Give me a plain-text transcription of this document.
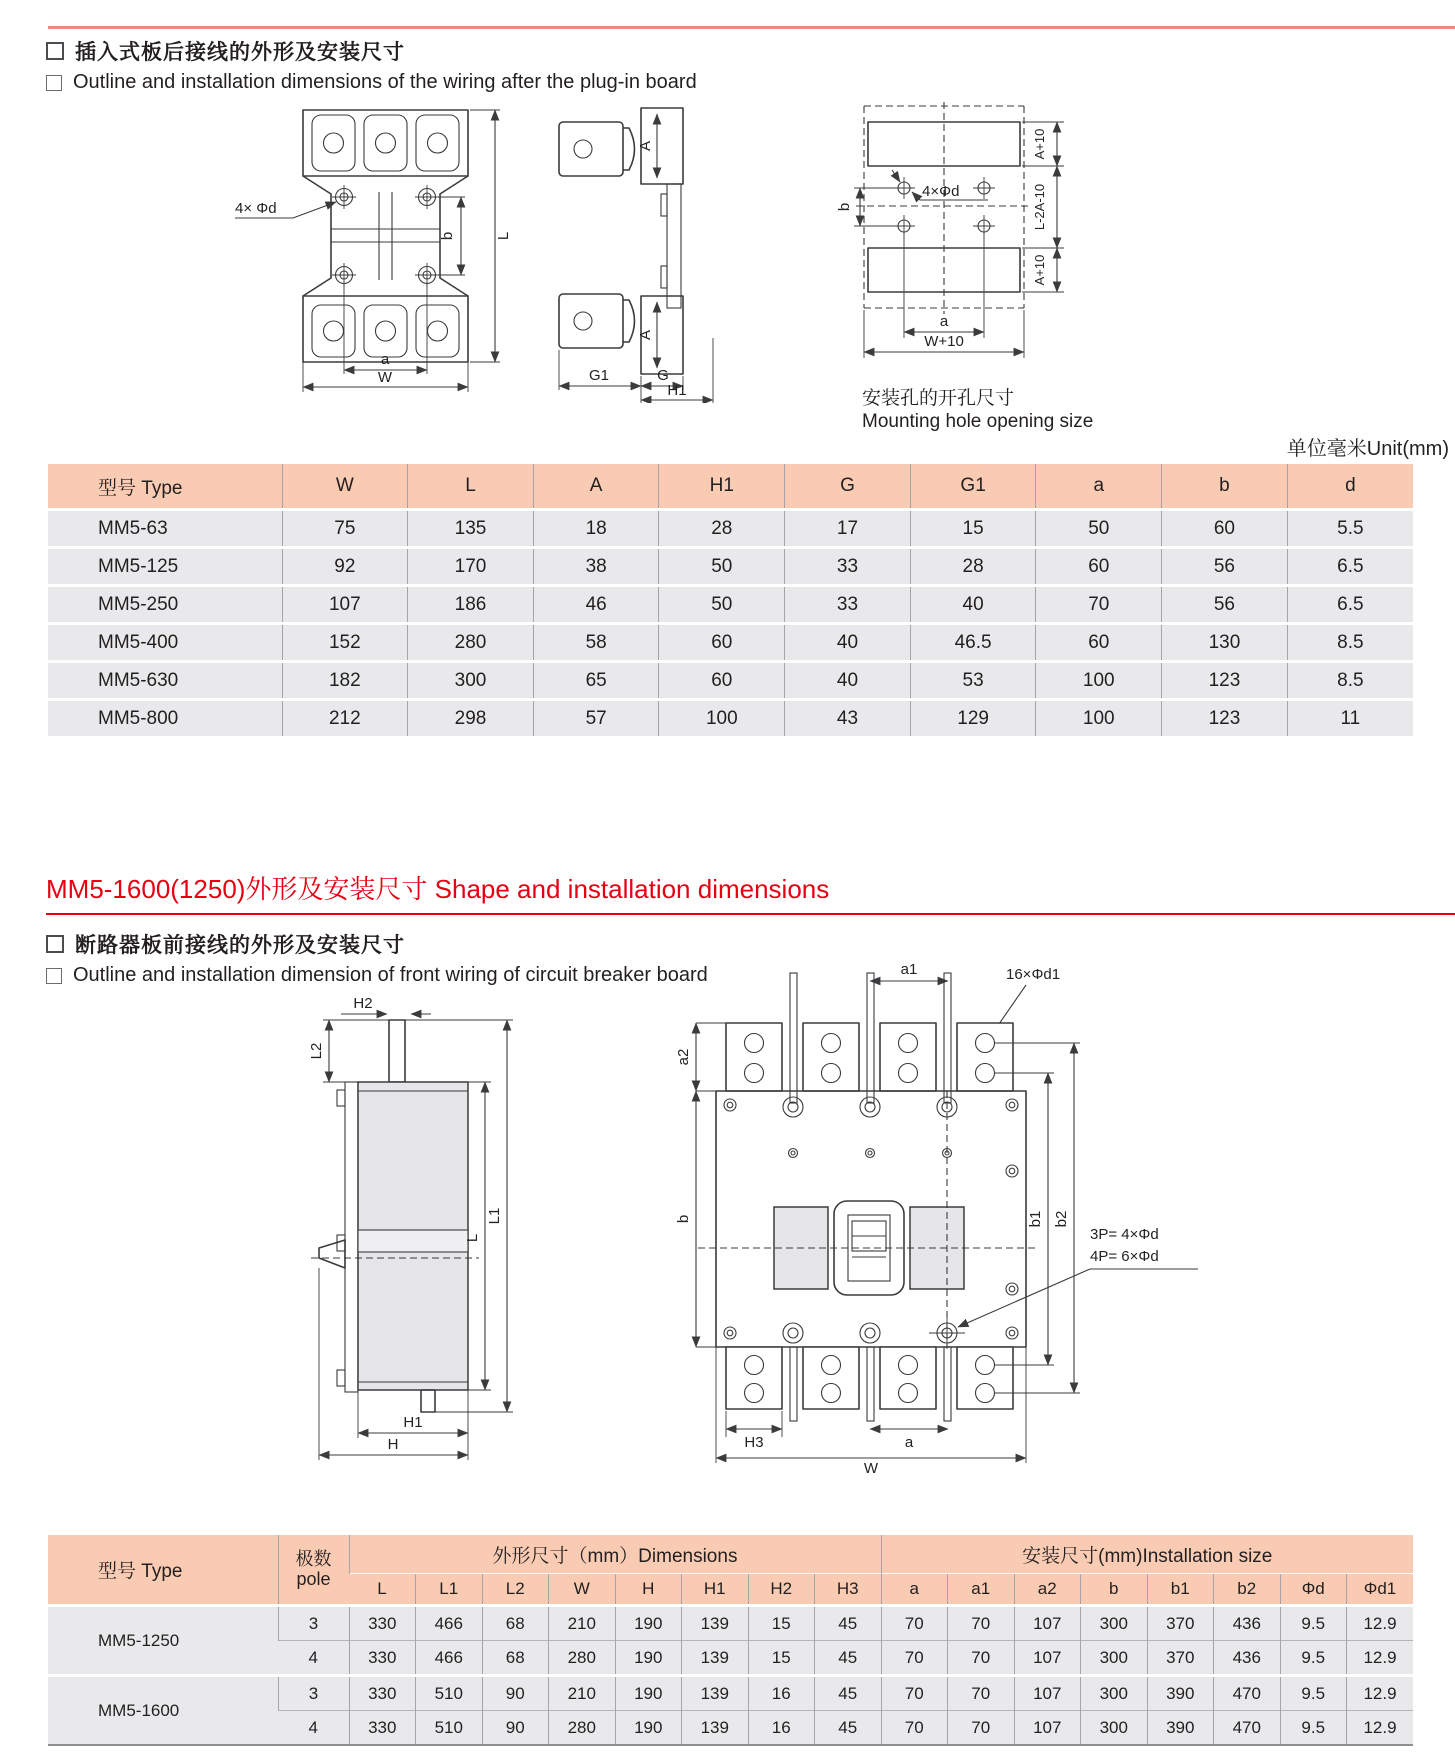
插入式板后接线的外形及安装尺寸
Outline and installation dimensions of the wiring after the plug-in board
4× Φd
b	L
a
W
A
A
G1	G
H1
4×Φd
b
A+10
L-2A-10
A+10
a
W+10
安装孔的开孔尺寸
Mounting hole opening size
单位毫米Unit(mm)
型号 Type	W	L	A	H1	G	G1	a	b	d
MM5-63	75	135	18	28	17	15	50	60	5.5
MM5-125	92	170	38	50	33	28	60	56	6.5
MM5-250	107	186	46	50	33	40	70	56	6.5
MM5-400	152	280	58	60	40	46.5	60	130	8.5
MM5-630	182	300	65	60	40	53	100	123	8.5
MM5-800	212	298	57	100	43	129	100	123	11
MM5-1600(1250)外形及安装尺寸 Shape and installation dimensions
断路器板前接线的外形及安装尺寸
Outline and installation dimension of front wiring of circuit breaker board
H2
L2
L
L1
H1
H
a1	16×Φd1
a2
b	b1 b2
3P= 4×Φd
4P= 6×Φd
H3	a
W
型号 Type	极数
pole	外形尺寸（mm）Dimensions								安装尺寸(mm)Installation size							
		L	L1	L2	W	H	H1	H2	H3	a	a1	a2	b	b1	b2	Φd	Φd1
MM5-1250	3	330	466	68	210	190	139	15	45	70	70	107	300	370	436	9.5	12.9
	4	330	466	68	280	190	139	15	45	70	70	107	300	370	436	9.5	12.9
MM5-1600	3	330	510	90	210	190	139	16	45	70	70	107	300	390	470	9.5	12.9
	4	330	510	90	280	190	139	16	45	70	70	107	300	390	470	9.5	12.9
